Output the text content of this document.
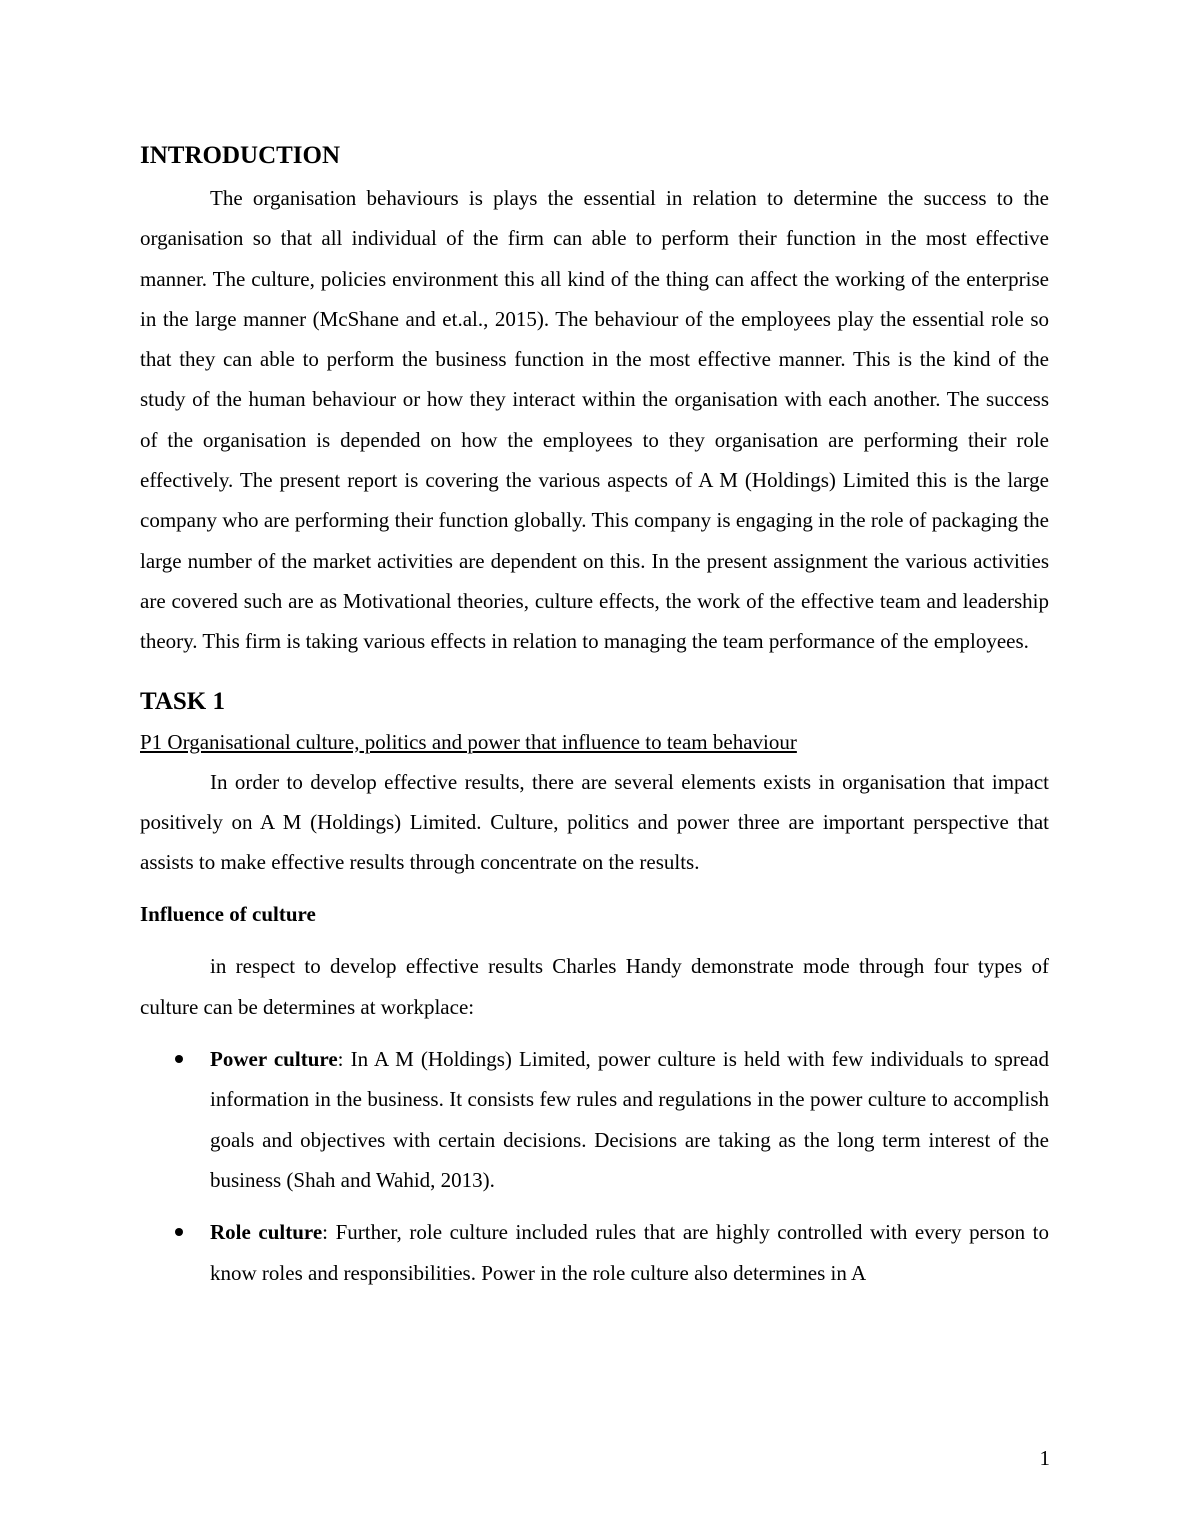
INTRODUCTION

The organisation behaviours is plays the essential in relation to determine the success to the organisation so that all individual of the firm can able to perform their function in the most effective manner. The culture, policies environment this all kind of the thing can affect the working of the enterprise in the large manner (McShane and et.al., 2015). The behaviour of the employees play the essential role so that they can able to perform the business function in the most effective manner. This is the kind of the study of the human behaviour or how they interact within the organisation with each another. The success of the organisation is depended on how the employees to they organisation are performing their role effectively. The present report is covering the various aspects of A M (Holdings) Limited this is the large company who are performing their function globally. This company is engaging in the role of packaging the large number of the market activities are dependent on this. In the present assignment the various activities are covered such are as Motivational theories, culture effects, the work of the effective team and leadership theory. This firm is taking various effects in relation to managing the team performance of the employees.

TASK 1

P1 Organisational culture, politics and power that influence to team behaviour

In order to develop effective results, there are several elements exists in organisation that impact positively on A M (Holdings) Limited. Culture, politics and power three are important perspective that assists to make effective results through concentrate on the results.

Influence of culture

in respect to develop effective results Charles Handy demonstrate mode through four types of culture can be determines at workplace:

Power culture: In A M (Holdings) Limited, power culture is held with few individuals to spread information in the business. It consists few rules and regulations in the power culture to accomplish goals and objectives with certain decisions. Decisions are taking as the long term interest of the business (Shah and Wahid, 2013).
Role culture: Further, role culture included rules that are highly controlled with every person to know roles and responsibilities. Power in the role culture also determines in A
1
